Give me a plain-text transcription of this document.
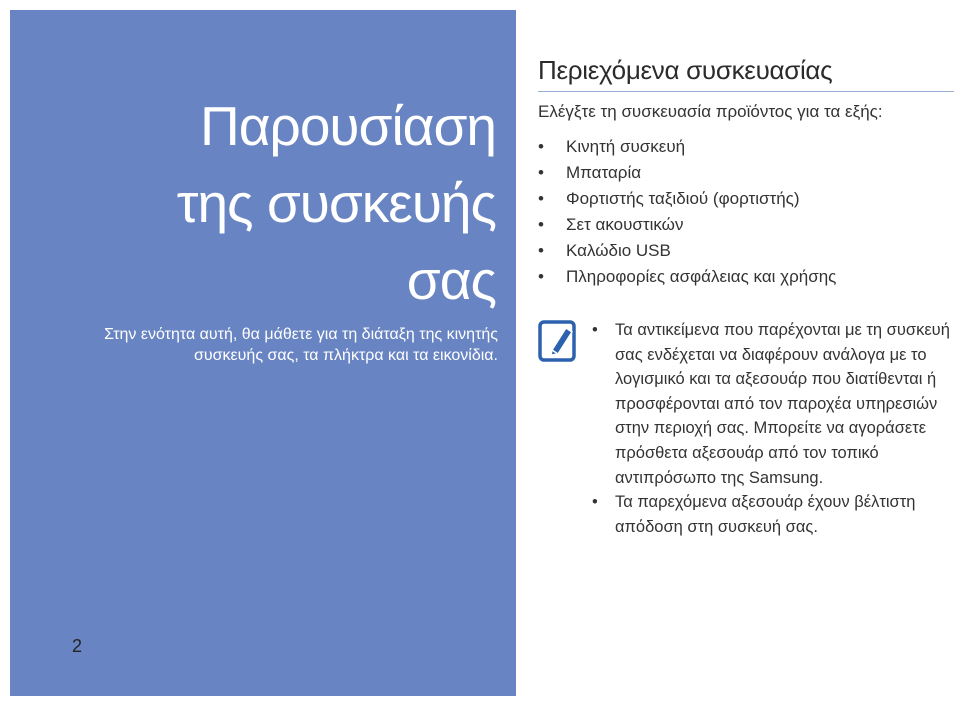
Παρουσίαση
της συσκευής
σας

Στην ενότητα αυτή, θα μάθετε για τη διάταξη της κινητής συσκευής σας, τα πλήκτρα και τα εικονίδια.

2
Περιεχόμενα συσκευασίας

Ελέγξτε τη συσκευασία προϊόντος για τα εξής:

• Κινητή συσκευή
• Μπαταρία
• Φορτιστής ταξιδιού (φορτιστής)
• Σετ ακουστικών
• Καλώδιο USB
• Πληροφορίες ασφάλειας και χρήσης
• Τα αντικείμενα που παρέχονται με τη συσκευή σας ενδέχεται να διαφέρουν ανάλογα με το λογισμικό και τα αξεσουάρ που διατίθενται ή προσφέρονται από τον παροχέα υπηρεσιών στην περιοχή σας. Μπορείτε να αγοράσετε πρόσθετα αξεσουάρ από τον τοπικό αντιπρόσωπο της Samsung.
• Τα παρεχόμενα αξεσουάρ έχουν βέλτιστη απόδοση στη συσκευή σας.
